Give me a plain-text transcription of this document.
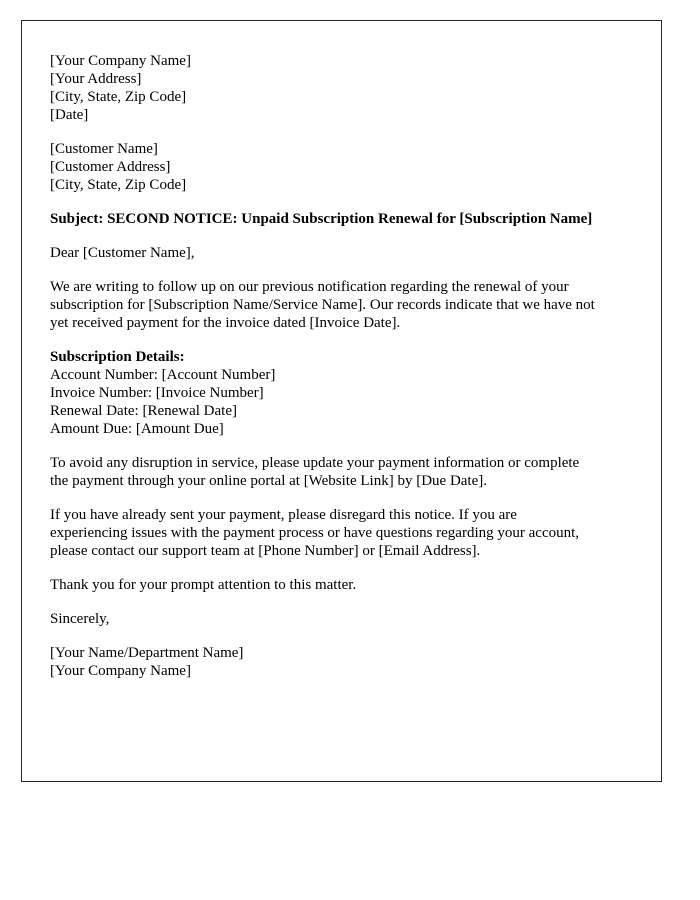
[Your Company Name]
[Your Address]
[City, State, Zip Code]
[Date]
[Customer Name]
[Customer Address]
[City, State, Zip Code]
Subject: SECOND NOTICE: Unpaid Subscription Renewal for [Subscription Name]
Dear [Customer Name],
We are writing to follow up on our previous notification regarding the renewal of your
subscription for [Subscription Name/Service Name]. Our records indicate that we have not
yet received payment for the invoice dated [Invoice Date].
Subscription Details:
Account Number: [Account Number]
Invoice Number: [Invoice Number]
Renewal Date: [Renewal Date]
Amount Due: [Amount Due]
To avoid any disruption in service, please update your payment information or complete
the payment through your online portal at [Website Link] by [Due Date].
If you have already sent your payment, please disregard this notice. If you are
experiencing issues with the payment process or have questions regarding your account,
please contact our support team at [Phone Number] or [Email Address].
Thank you for your prompt attention to this matter.
Sincerely,
[Your Name/Department Name]
[Your Company Name]
